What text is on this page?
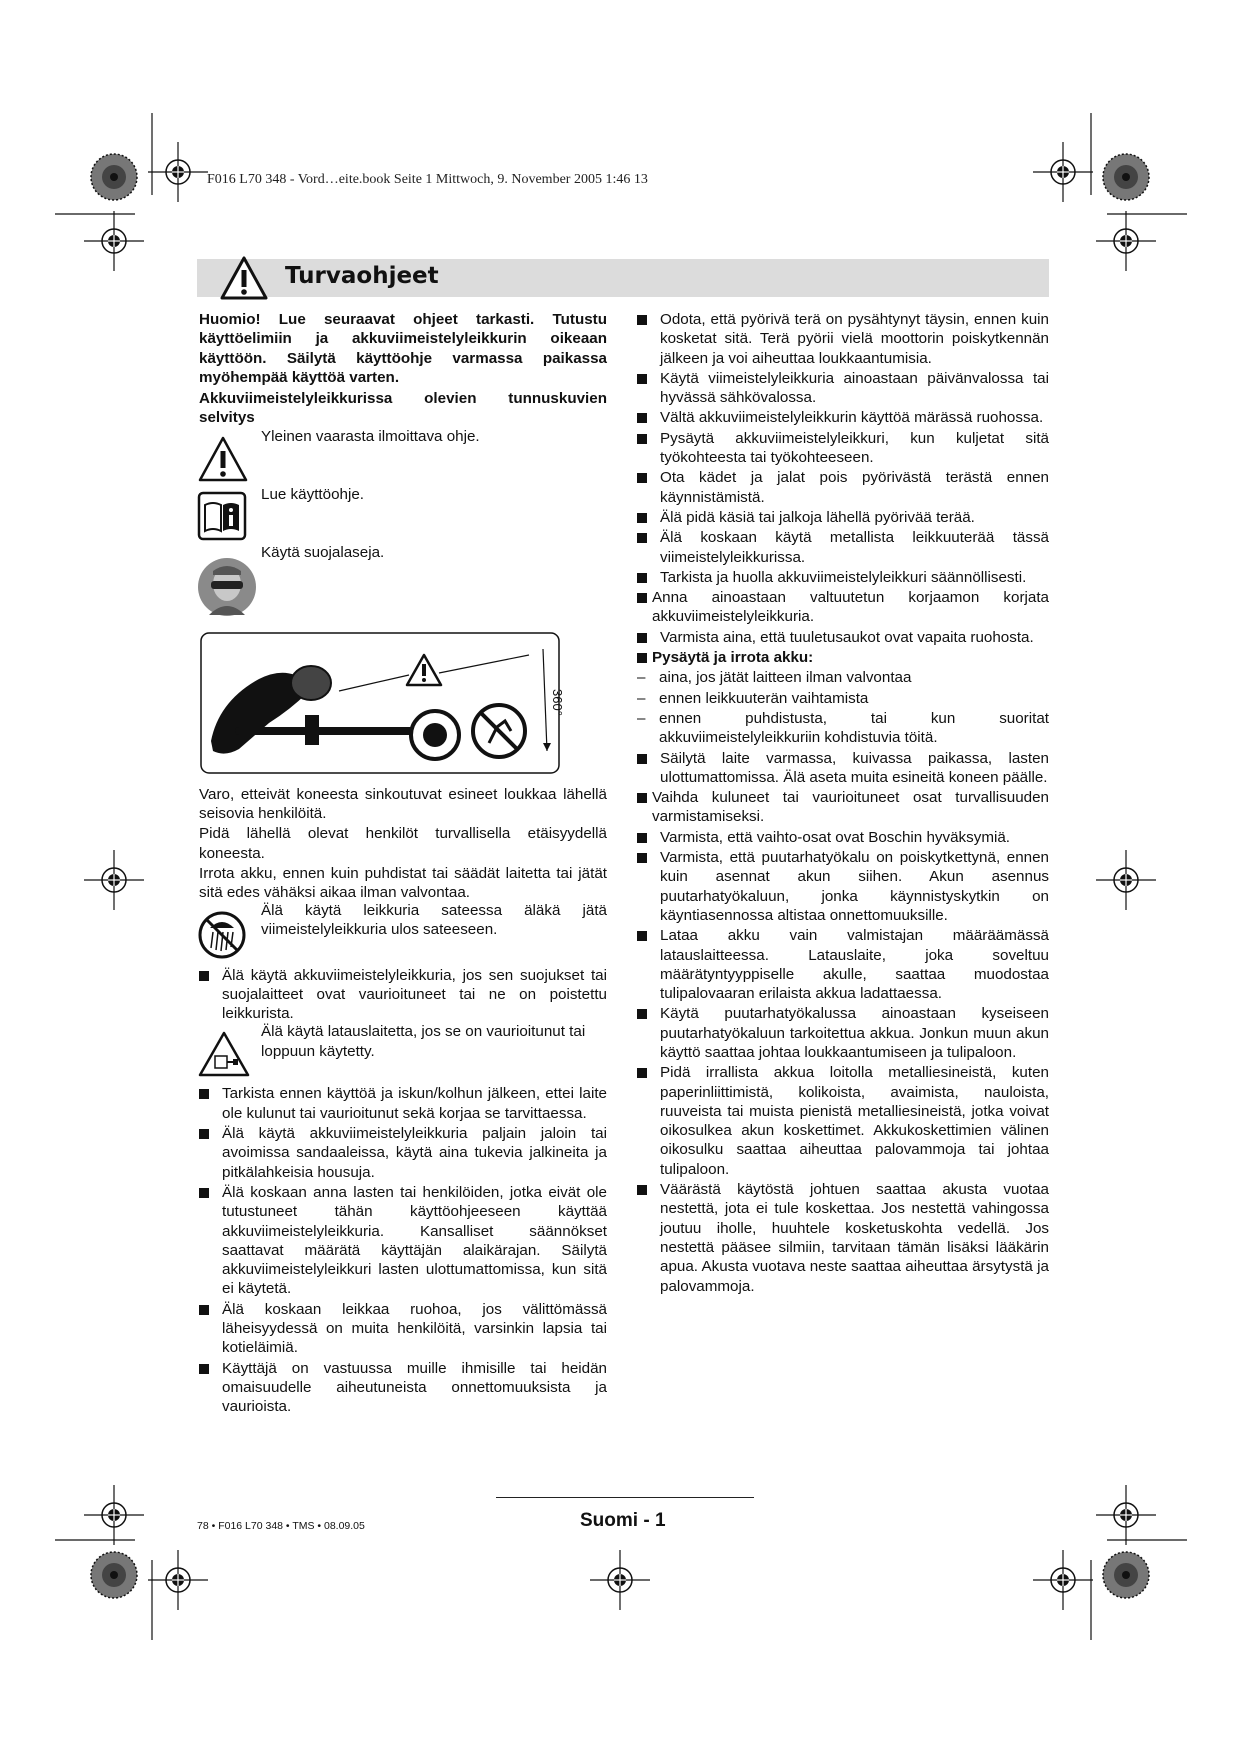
F016 L70 348 - Vord…eite.book Seite 1 Mittwoch, 9. November 2005 1:46 13
Turvaohjeet

Huomio! Lue seuraavat ohjeet tarkasti. Tutustu käyttöelimiin ja akkuviimeistelyleikkurin oikeaan käyttöön. Säilytä käyttöohje varmassa paikassa myöhempää käyttöä varten.

Akkuviimeistelyleikkurissa olevien tunnuskuvien selvitys

Yleinen vaarasta ilmoittava ohje.
Lue käyttöohje.
Käytä suojalaseja.
360°

Varo, etteivät koneesta sinkoutuvat esineet loukkaa lähellä seisovia henkilöitä.

Pidä lähellä olevat henkilöt turvallisella etäisyydellä koneesta.

Irrota akku, ennen kuin puhdistat tai säädät laitetta tai jätät sitä edes vähäksi aikaa ilman valvontaa.

Älä käytä leikkuria sateessa äläkä jätä viimeistelyleikkuria ulos sateeseen.

Älä käytä akkuviimeistelyleikkuria, jos sen suojukset tai suojalaitteet ovat vaurioituneet tai ne on poistettu leikkurista.

Älä käytä latauslaitetta, jos se on vaurioitunut tai loppuun käytetty.

Tarkista ennen käyttöä ja iskun/kolhun jälkeen, ettei laite ole kulunut tai vaurioitunut sekä korjaa se tarvittaessa.

Älä käytä akkuviimeistelyleikkuria paljain jaloin tai avoimissa sandaaleissa, käytä aina tukevia jalkineita ja pitkälahkeisia housuja.

Älä koskaan anna lasten tai henkilöiden, jotka eivät ole tutustuneet tähän käyttöohjeeseen käyttää akkuviimeistelyleikkuria. Kansalliset säännökset saattavat määrätä käyttäjän alaikärajan. Säilytä akkuviimeistelyleikkuri lasten ulottumattomissa, kun sitä ei käytetä.

Älä koskaan leikkaa ruohoa, jos välittömässä läheisyydessä on muita henkilöitä, varsinkin lapsia tai kotieläimiä.

Käyttäjä on vastuussa muille ihmisille tai heidän omaisuudelle aiheutuneista onnettomuuksista ja vaurioista.

Odota, että pyörivä terä on pysähtynyt täysin, ennen kuin kosketat sitä. Terä pyörii vielä moottorin poiskytkennän jälkeen ja voi aiheuttaa loukkaantumisia.

Käytä viimeistelyleikkuria ainoastaan päivänvalossa tai hyvässä sähkövalossa.

Vältä akkuviimeistelyleikkurin käyttöä märässä ruohossa.

Pysäytä akkuviimeistelyleikkuri, kun kuljetat sitä työkohteesta tai työkohteeseen.

Ota kädet ja jalat pois pyörivästä terästä ennen käynnistämistä.

Älä pidä käsiä tai jalkoja lähellä pyörivää terää.

Älä koskaan käytä metallista leikkuuterää tässä viimeistelyleikkurissa.

Tarkista ja huolla akkuviimeistelyleikkuri säännöllisesti.

Anna ainoastaan valtuutetun korjaamon korjata akkuviimeistelyleikkuria.

Varmista aina, että tuuletusaukot ovat vapaita ruohosta.

Pysäytä ja irrota akku:

– aina, jos jätät laitteen ilman valvontaa

– ennen leikkuuterän vaihtamista

– ennen puhdistusta, tai kun suoritat akkuviimeistelyleikkuriin kohdistuvia töitä.

Säilytä laite varmassa, kuivassa paikassa, lasten ulottumattomissa. Älä aseta muita esineitä koneen päälle.

Vaihda kuluneet tai vaurioituneet osat turvallisuuden varmistamiseksi.

Varmista, että vaihto-osat ovat Boschin hyväksymiä.

Varmista, että puutarhatyökalu on poiskytkettynä, ennen kuin asennat akun siihen. Akun asennus puutarhatyökaluun, jonka käynnistyskytkin on käyntiasennossa altistaa onnettomuuksille.

Lataa akku vain valmistajan määräämässä latauslaitteessa. Latauslaite, joka soveltuu määrätyntyyppiselle akulle, saattaa muodostaa tulipalovaaran erilaista akkua ladattaessa.

Käytä puutarhatyökalussa ainoastaan kyseiseen puutarhatyökaluun tarkoitettua akkua. Jonkun muun akun käyttö saattaa johtaa loukkaantumiseen ja tulipaloon.

Pidä irrallista akkua loitolla metalliesineistä, kuten paperinliittimistä, kolikoista, avaimista, nauloista, ruuveista tai muista pienistä metalliesineistä, jotka voivat oikosulkea akun koskettimet. Akkukoskettimien välinen oikosulku saattaa aiheuttaa palovammoja tai johtaa tulipaloon.

Väärästä käytöstä johtuen saattaa akusta vuotaa nestettä, jota ei tule koskettaa. Jos nestettä vahingossa joutuu iholle, huuhtele kosketuskohta vedellä. Jos nestettä pääsee silmiin, tarvitaan tämän lisäksi lääkärin apua. Akusta vuotava neste saattaa aiheuttaa ärsytystä ja palovammoja.

78 • F016 L70 348 • TMS • 08.09.05	Suomi - 1
